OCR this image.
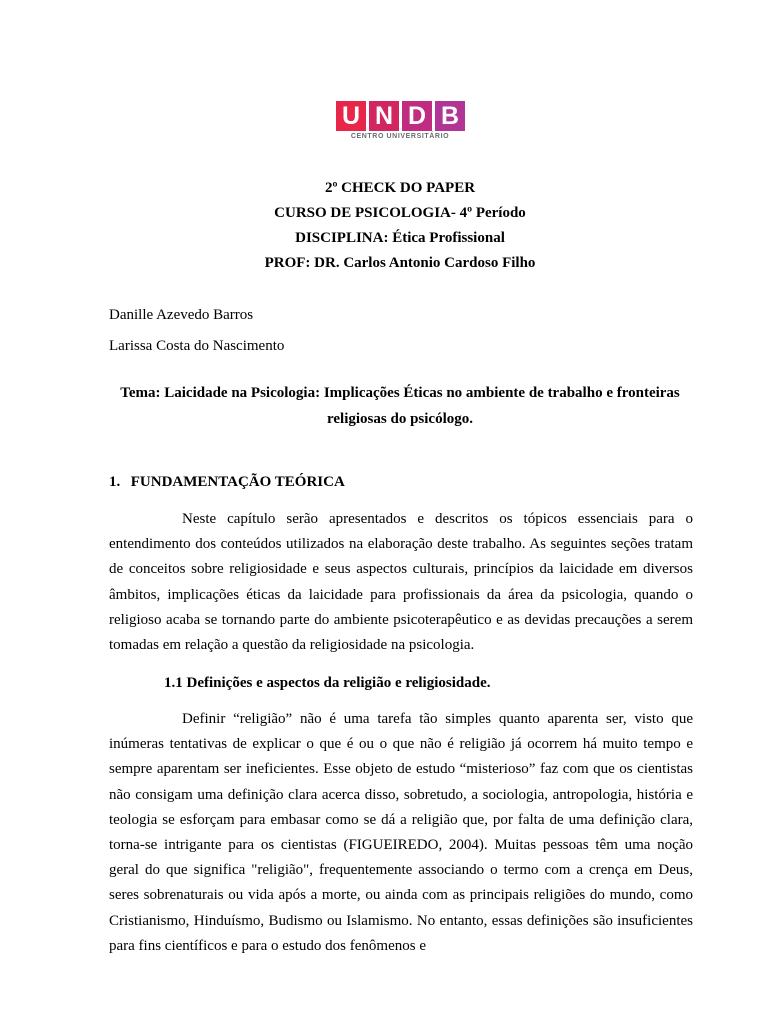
U N D B
CENTRO UNIVERSITÁRIO
2º CHECK DO PAPER
CURSO DE PSICOLOGIA- 4º Período
DISCIPLINA: Ética Profissional
PROF: DR. Carlos Antonio Cardoso Filho
Danille Azevedo Barros
Larissa Costa do Nascimento
Tema: Laicidade na Psicologia: Implicações Éticas no ambiente de trabalho e fronteiras
religiosas do psicólogo.
1. FUNDAMENTAÇÃO TEÓRICA
Neste capítulo serão apresentados e descritos os tópicos essenciais para o entendimento dos conteúdos utilizados na elaboração deste trabalho. As seguintes seções tratam de conceitos sobre religiosidade e seus aspectos culturais, princípios da laicidade em diversos âmbitos, implicações éticas da laicidade para profissionais da área da psicologia, quando o religioso acaba se tornando parte do ambiente psicoterapêutico e as devidas precauções a serem tomadas em relação a questão da religiosidade na psicologia.
1.1 Definições e aspectos da religião e religiosidade.
Definir “religião” não é uma tarefa tão simples quanto aparenta ser, visto que inúmeras tentativas de explicar o que é ou o que não é religião já ocorrem há muito tempo e sempre aparentam ser ineficientes. Esse objeto de estudo “misterioso” faz com que os cientistas não consigam uma definição clara acerca disso, sobretudo, a sociologia, antropologia, história e teologia se esforçam para embasar como se dá a religião que, por falta de uma definição clara, torna-se intrigante para os cientistas (FIGUEIREDO, 2004). Muitas pessoas têm uma noção geral do que significa "religião", frequentemente associando o termo com a crença em Deus, seres sobrenaturais ou vida após a morte, ou ainda com as principais religiões do mundo, como Cristianismo, Hinduísmo, Budismo ou Islamismo. No entanto, essas definições são insuficientes para fins científicos e para o estudo dos fenômenos e
